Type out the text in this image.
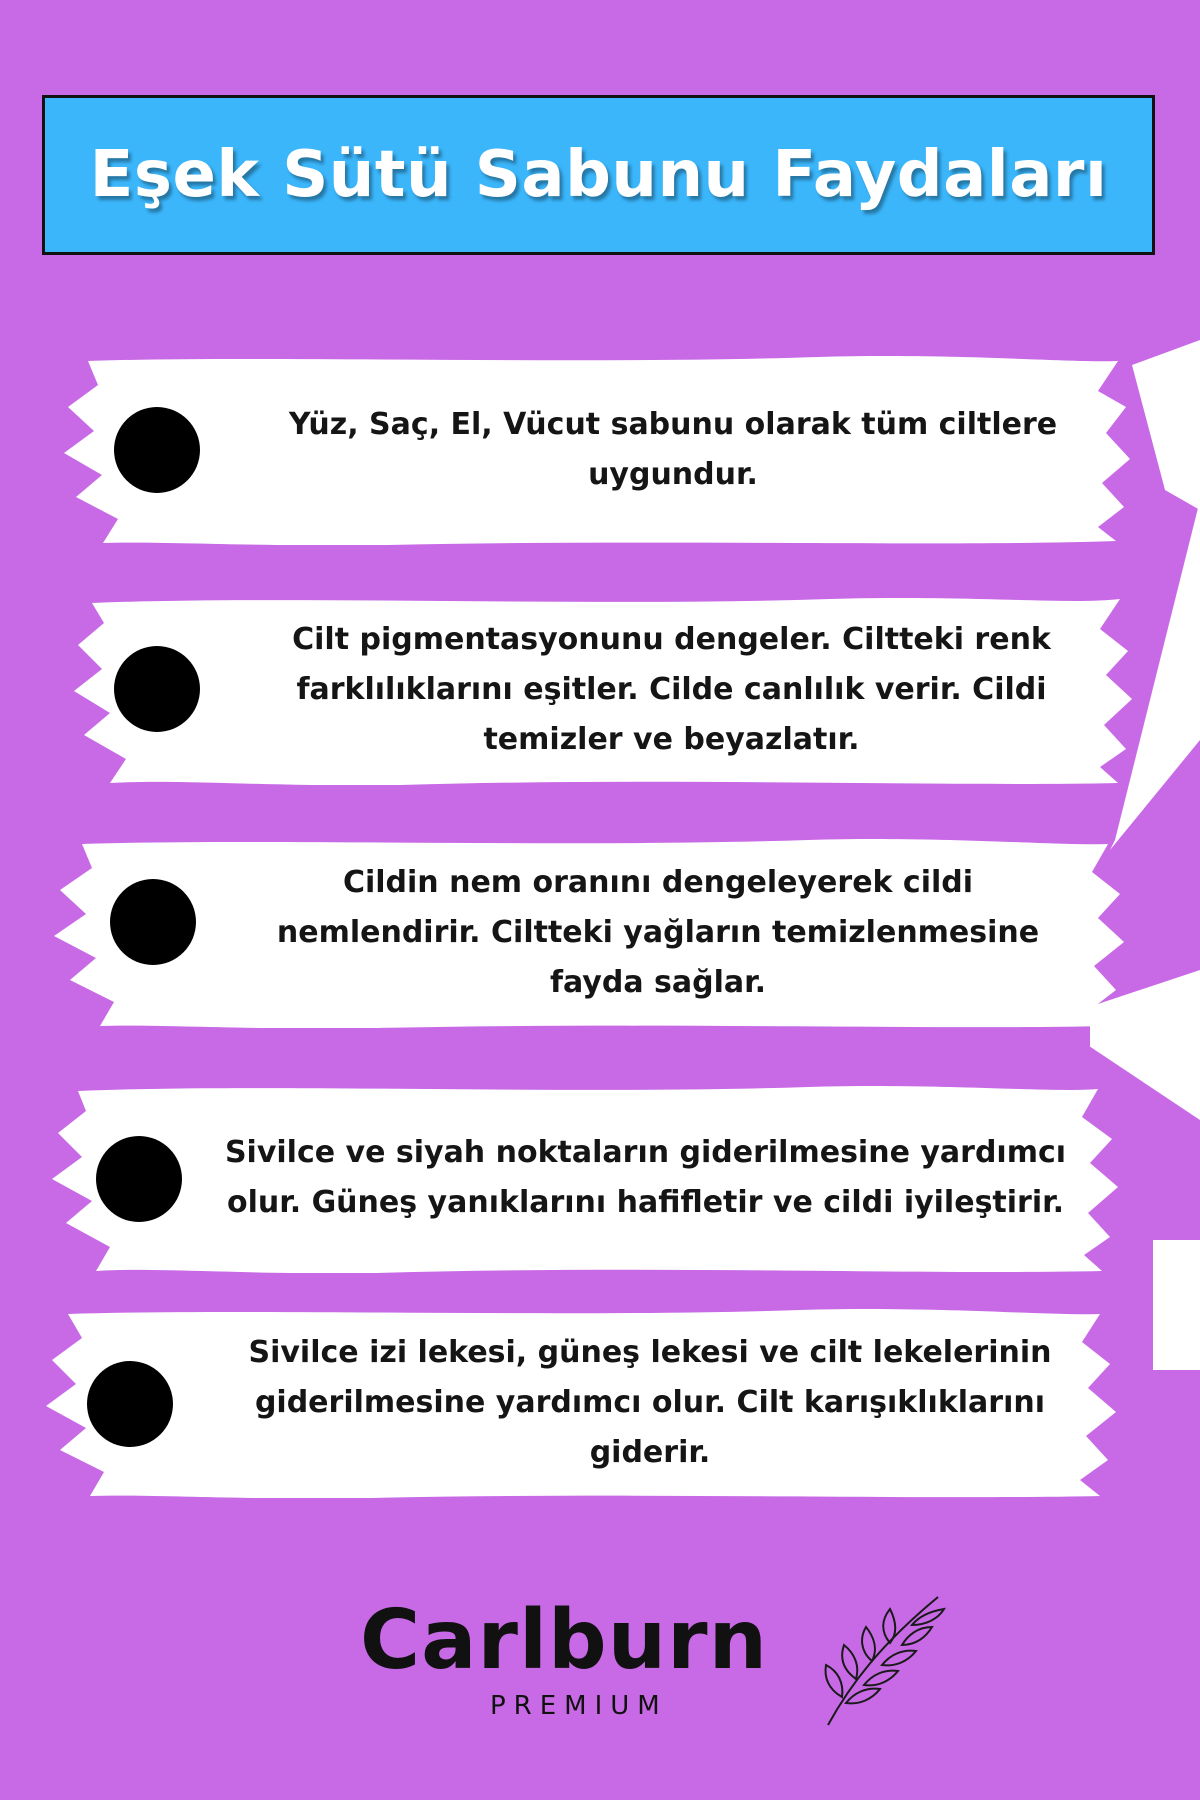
Eşek Sütü Sabunu Faydaları
Yüz, Saç, El, Vücut sabunu olarak tüm ciltlere uygundur.
Cilt pigmentasyonunu dengeler. Ciltteki renk farklılıklarını eşitler. Cilde canlılık verir. Cildi temizler ve beyazlatır.
Cildin nem oranını dengeleyerek cildi nemlendirir. Ciltteki yağların temizlenmesine fayda sağlar.
Sivilce ve siyah noktaların giderilmesine yardımcı olur. Güneş yanıklarını hafifletir ve cildi iyileştirir.
Sivilce izi lekesi, güneş lekesi ve cilt lekelerinin giderilmesine yardımcı olur. Cilt karışıklıklarını giderir.
Carlburn
PREMIUM
